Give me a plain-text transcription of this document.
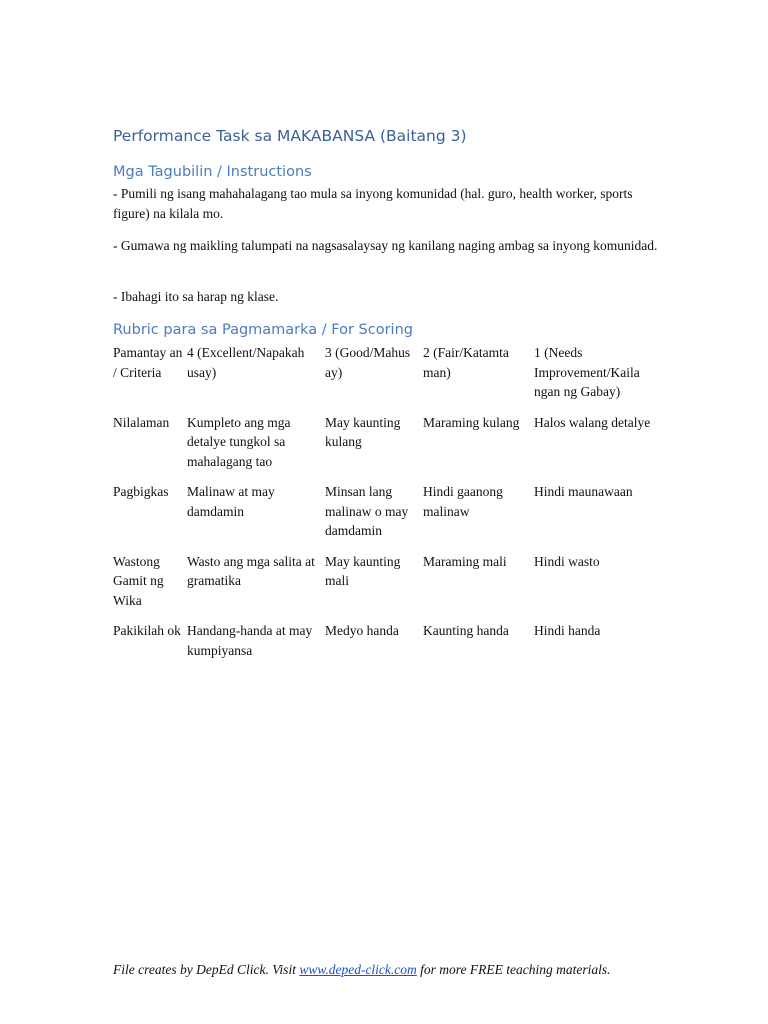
Performance Task sa MAKABANSA (Baitang 3)
Mga Tagubilin / Instructions

- Pumili ng isang mahahalagang tao mula sa inyong komunidad (hal. guro, health worker, sports figure) na kilala mo.

- Gumawa ng maikling talumpati na nagsasalaysay ng kanilang naging ambag sa inyong komunidad.

- Ibahagi ito sa harap ng klase.

Rubric para sa Pagmamarka / For Scoring
Pamantay an / Criteria	4 (Excellent/Napakah usay)	3 (Good/Mahus ay)	2 (Fair/Katamta man)	1 (Needs Improvement/Kaila ngan ng Gabay)
Nilalaman	Kumpleto ang mga detalye tungkol sa mahalagang tao	May kaunting kulang	Maraming kulang	Halos walang detalye
Pagbigkas	Malinaw at may damdamin	Minsan lang malinaw o may damdamin	Hindi gaanong malinaw	Hindi maunawaan
Wastong Gamit ng Wika	Wasto ang mga salita at gramatika	May kaunting mali	Maraming mali	Hindi wasto
Pakikilah ok	Handang-handa at may kumpiyansa	Medyo handa	Kaunting handa	Hindi handa

File creates by DepEd Click. Visit www.deped-click.com for more FREE teaching materials.
